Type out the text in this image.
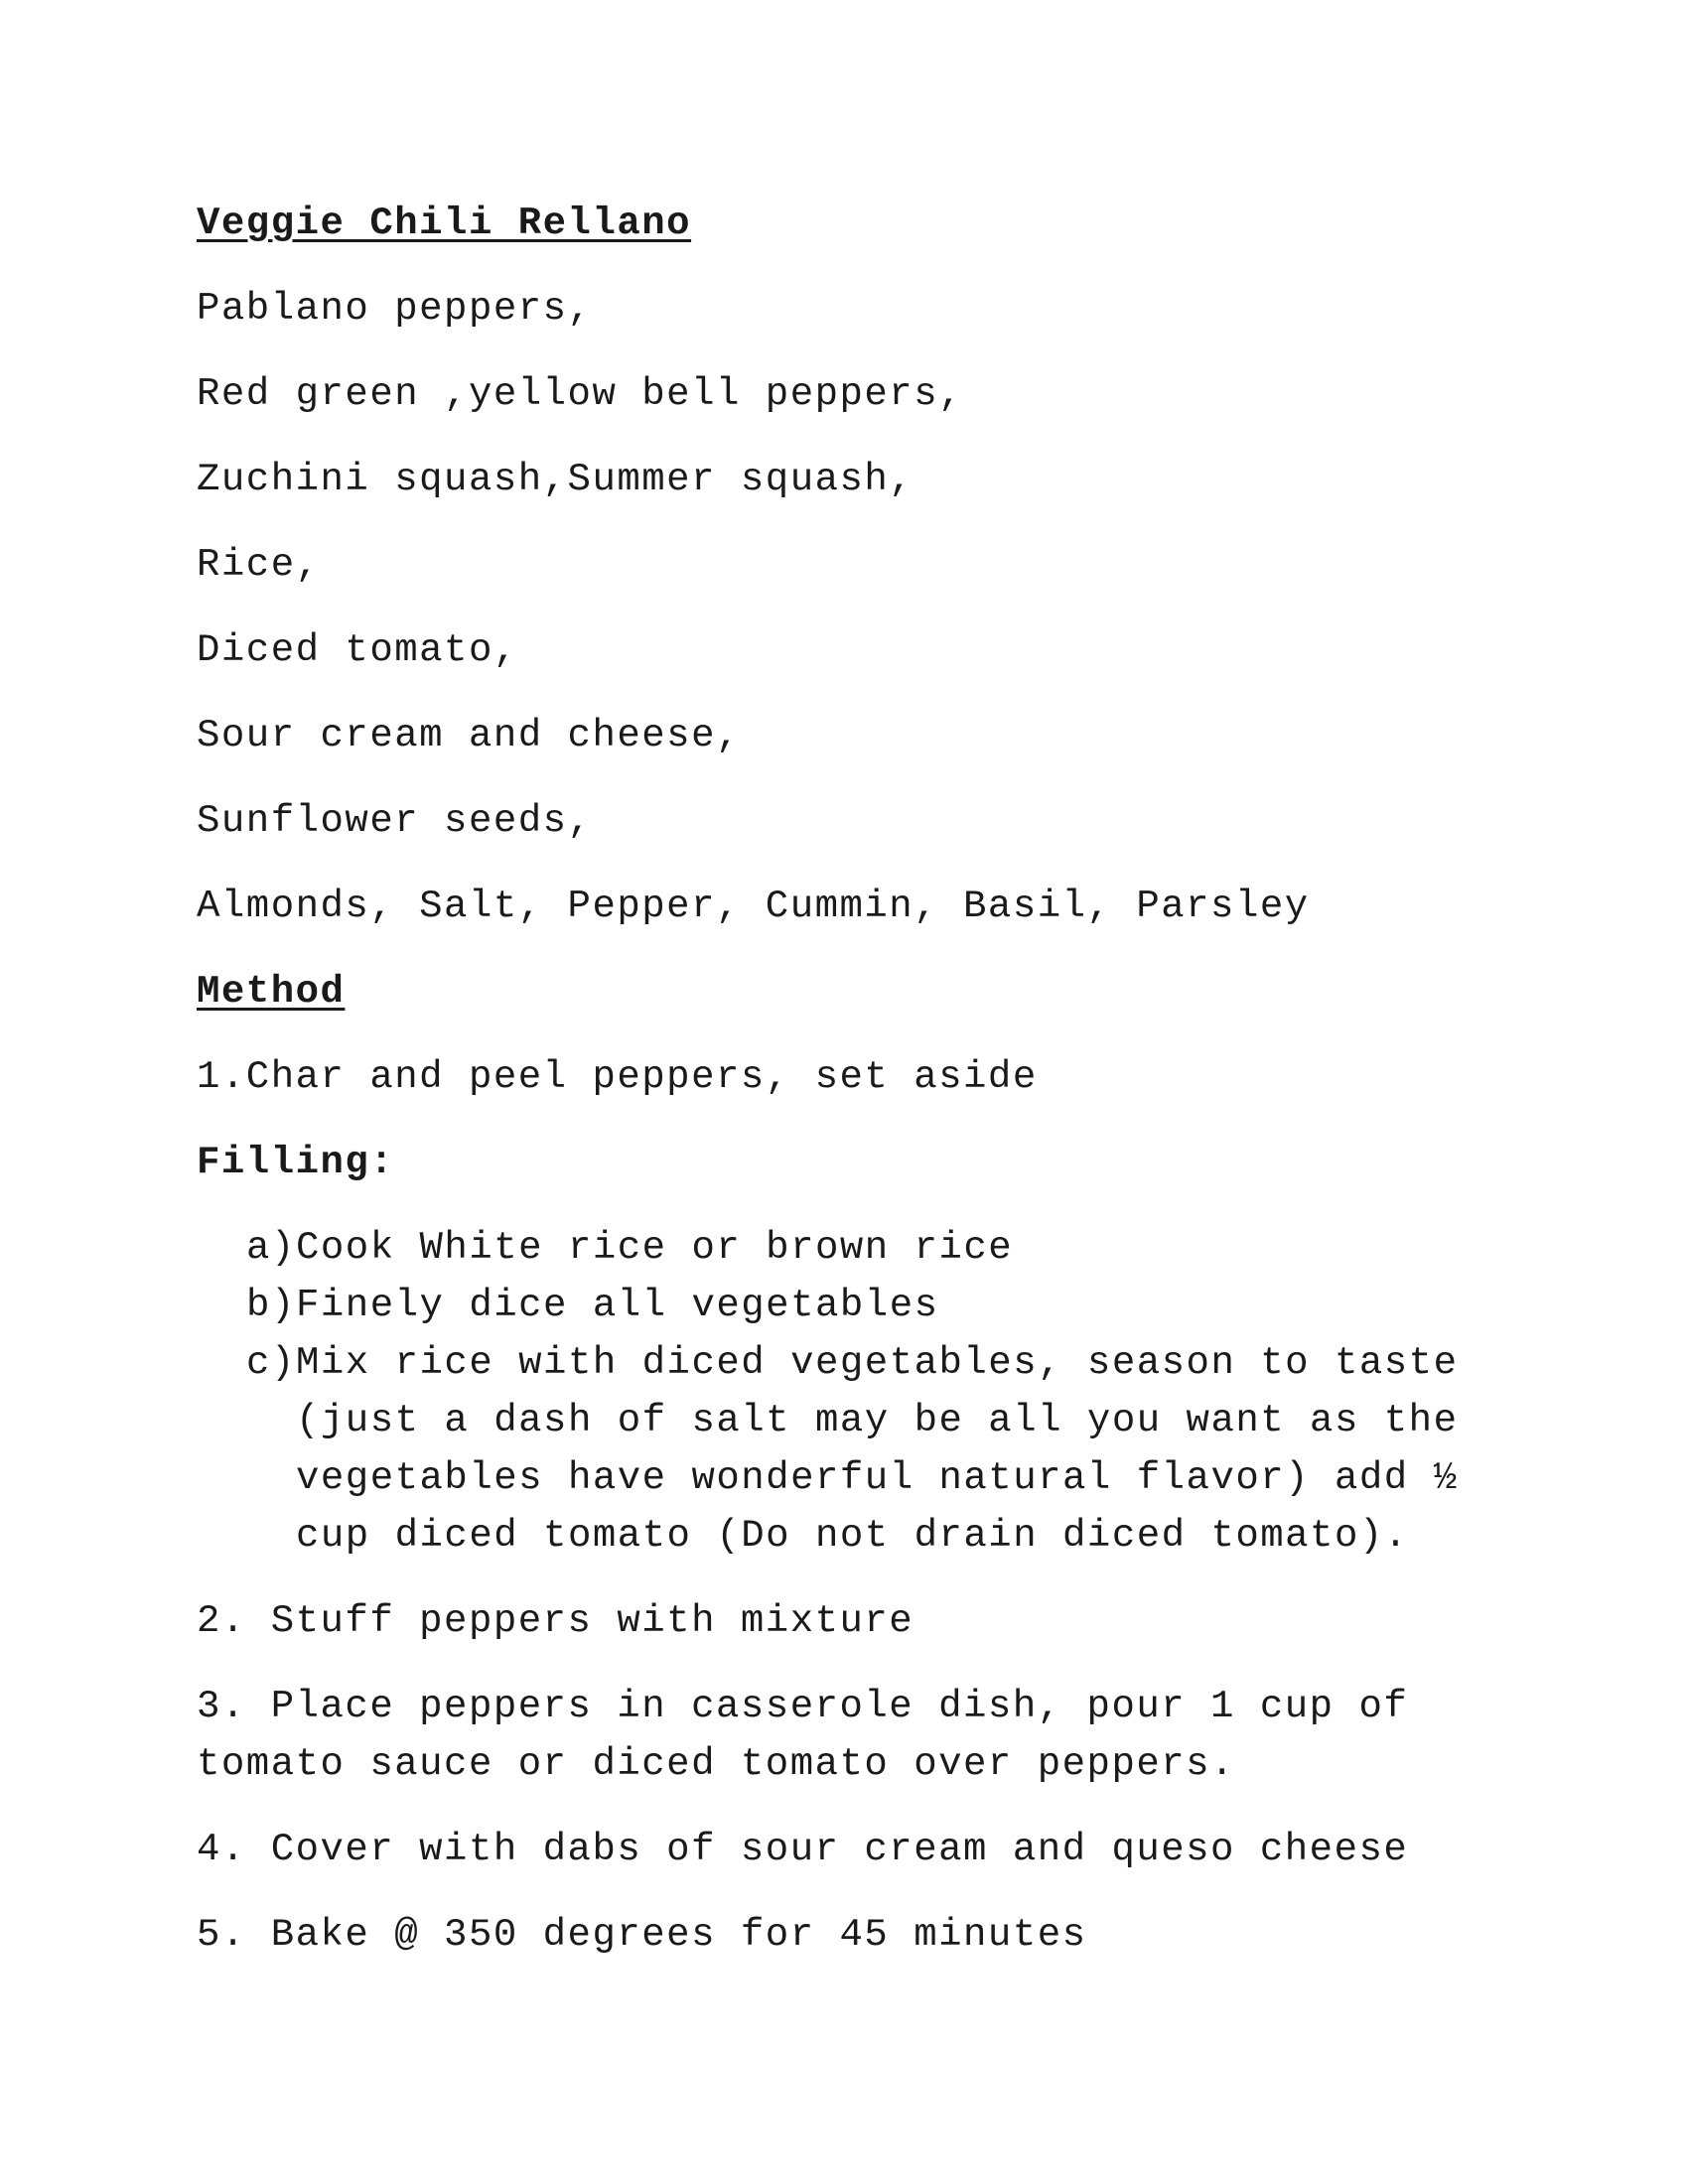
Veggie Chili Rellano
Pablano peppers,
Red green ,yellow bell peppers,
Zuchini squash,Summer squash,
Rice,
Diced tomato,
Sour cream and cheese,
Sunflower seeds,
Almonds, Salt, Pepper, Cummin, Basil, Parsley
Method
1.Char and peel peppers, set aside
Filling:
a) Cook White rice or brown rice
b) Finely dice all vegetables
c) Mix rice with diced vegetables, season to taste (just a dash of salt may be all you want as the vegetables have wonderful natural flavor) add ½ cup diced tomato (Do not drain diced tomato).
2. Stuff peppers with mixture
3. Place peppers in casserole dish, pour 1 cup of tomato sauce or diced tomato over peppers.
4. Cover with dabs of sour cream and queso cheese
5. Bake @ 350 degrees for 45 minutes
